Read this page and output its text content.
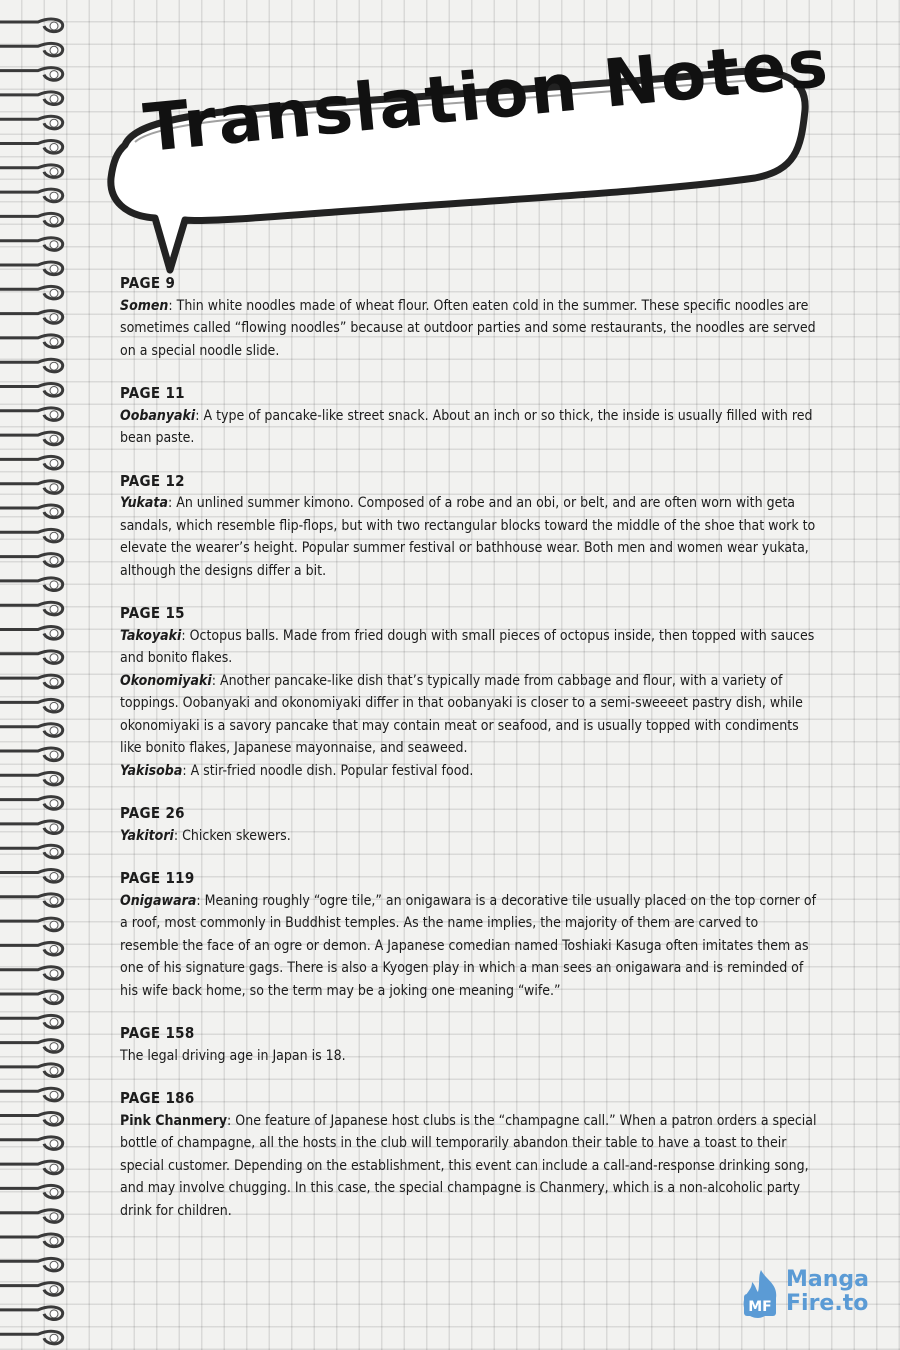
Translation Notes
PAGE 9

Somen: Thin white noodles made of wheat flour. Often eaten cold in the summer. These specific noodles are sometimes called “flowing noodles” because at outdoor parties and some restaurants, the noodles are served on a special noodle slide.

PAGE 11

Oobanyaki: A type of pancake-like street snack. About an inch or so thick, the inside is usually filled with red bean paste.

PAGE 12

Yukata: An unlined summer kimono. Composed of a robe and an obi, or belt, and are often worn with geta sandals, which resemble flip-flops, but with two rectangular blocks toward the middle of the shoe that work to elevate the wearer’s height. Popular summer festival or bathhouse wear. Both men and women wear yukata, although the designs differ a bit.

PAGE 15

Takoyaki: Octopus balls. Made from fried dough with small pieces of octopus inside, then topped with sauces and bonito flakes.

Okonomiyaki: Another pancake-like dish that’s typically made from cabbage and flour, with a variety of toppings. Oobanyaki and okonomiyaki differ in that oobanyaki is closer to a semi-sweeeet pastry dish, while okonomiyaki is a savory pancake that may contain meat or seafood, and is usually topped with condiments like bonito flakes, Japanese mayonnaise, and seaweed.

Yakisoba: A stir-fried noodle dish. Popular festival food.

PAGE 26

Yakitori: Chicken skewers.

PAGE 119

Onigawara: Meaning roughly “ogre tile,” an onigawara is a decorative tile usually placed on the top corner of a roof, most commonly in Buddhist temples. As the name implies, the majority of them are carved to resemble the face of an ogre or demon. A Japanese comedian named Toshiaki Kasuga often imitates them as one of his signature gags. There is also a Kyogen play in which a man sees an onigawara and is reminded of his wife back home, so the term may be a joking one meaning “wife.”

PAGE 158

The legal driving age in Japan is 18.

PAGE 186

Pink Chanmery: One feature of Japanese host clubs is the “champagne call.” When a patron orders a special bottle of champagne, all the hosts in the club will temporarily abandon their table to have a toast to their special customer. Depending on the establishment, this event can include a call-and-response drinking song, and may involve chugging. In this case, the special champagne is Chanmery, which is a non-alcoholic party drink for children.

MF
Manga
Fire.to
